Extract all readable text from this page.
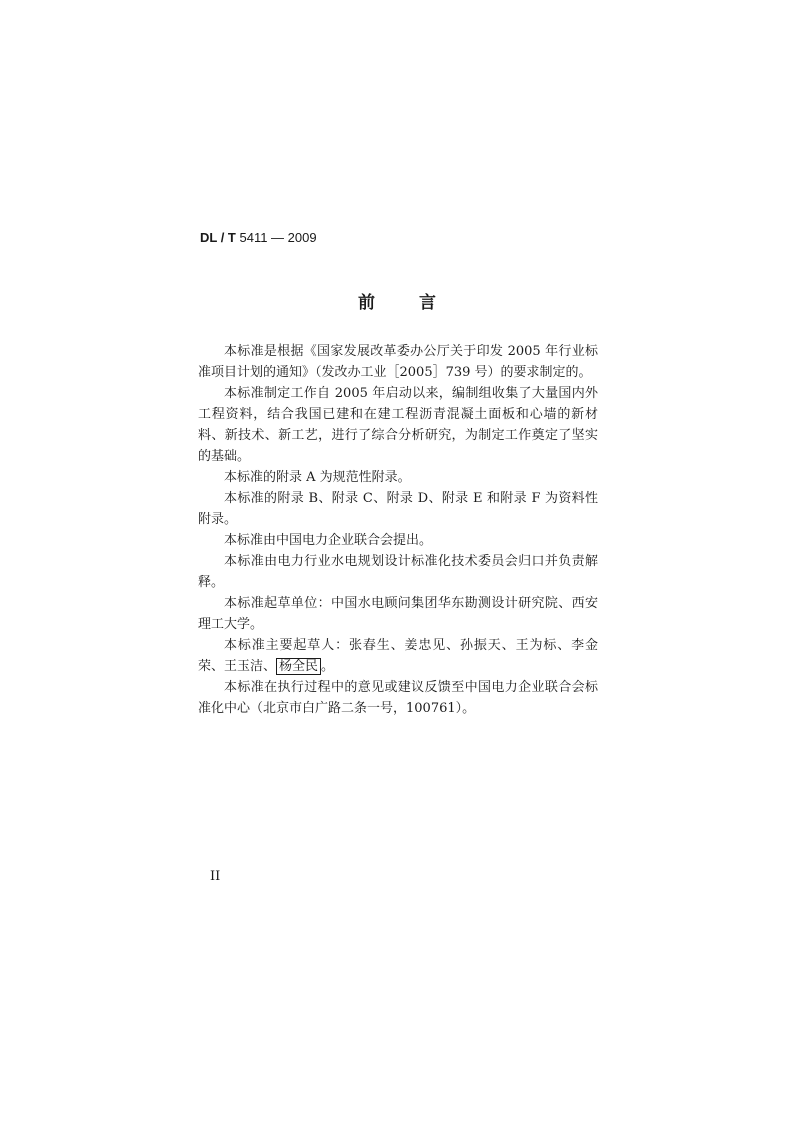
DL / T 5411 — 2009
前言

本标准是根据《国家发展改革委办公厅关于印发 2005 年行业标准项目计划的通知》（发改办工业［2005］739 号）的要求制定的。

本标准制定工作自 2005 年启动以来，编制组收集了大量国内外工程资料，结合我国已建和在建工程沥青混凝土面板和心墙的新材料、新技术、新工艺，进行了综合分析研究，为制定工作奠定了坚实的基础。

本标准的附录 A 为规范性附录。

本标准的附录 B、附录 C、附录 D、附录 E 和附录 F 为资料性附录。

本标准由中国电力企业联合会提出。

本标准由电力行业水电规划设计标准化技术委员会归口并负责解释。

本标准起草单位：中国水电顾问集团华东勘测设计研究院、西安理工大学。

本标准主要起草人：张春生、姜忠见、孙振天、王为标、李金荣、王玉洁、 杨全民 。

本标准在执行过程中的意见或建议反馈至中国电力企业联合会标准化中心（北京市白广路二条一号，100761）。

II
